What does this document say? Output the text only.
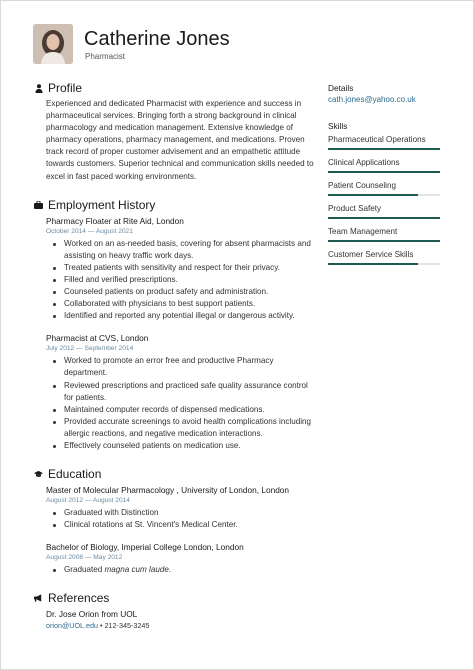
Catherine Jones
Pharmacist
Profile
Experienced and dedicated Pharmacist with experience and success in pharmaceutical services. Bringing forth a strong background in clinical pharmacology and medication management. Extensive knowledge of pharmacy operations, pharmacy management, and medications. Proven track record of proper customer advisement and an empathetic attitude towards customers. Superior technical and communication skills needed to excel in fast paced working environments.
Employment History
Pharmacy Floater at Rite Aid, London
October 2014 — August 2021
Worked on an as-needed basis, covering for absent pharmacists and assisting on heavy traffic work days.
Treated patients with sensitivity and respect for their privacy.
Filled and verified prescriptions.
Counseled patients on product safety and administration.
Collaborated with physicians to best support patients.
Identified and reported any potential illegal or dangerous activity.
Pharmacist at CVS, London
July 2012 — September 2014
Worked to promote an error free and productive Pharmacy department.
Reviewed prescriptions and practiced safe quality assurance control for patients.
Maintained computer records of dispensed medications.
Provided accurate screenings to avoid health complications including allergic reactions, and negative medication interactions.
Effectively counseled patients on medication use.
Education
Master of Molecular Pharmacology , University of London, London
August 2012 — August 2014
Graduated with Distinction
Clinical rotations at St. Vincent's Medical Center.
Bachelor of Biology, Imperial College London, London
August 2008 — May 2012
Graduated magna cum laude.
References
Dr. Jose Orion from UOL
orion@UOL.edu • 212-345-3245
Details
cath.jones@yahoo.co.uk
Skills
Pharmaceutical Operations
Clinical Applications
Patient Counseling
Product Safety
Team Management
Customer Service Skills
